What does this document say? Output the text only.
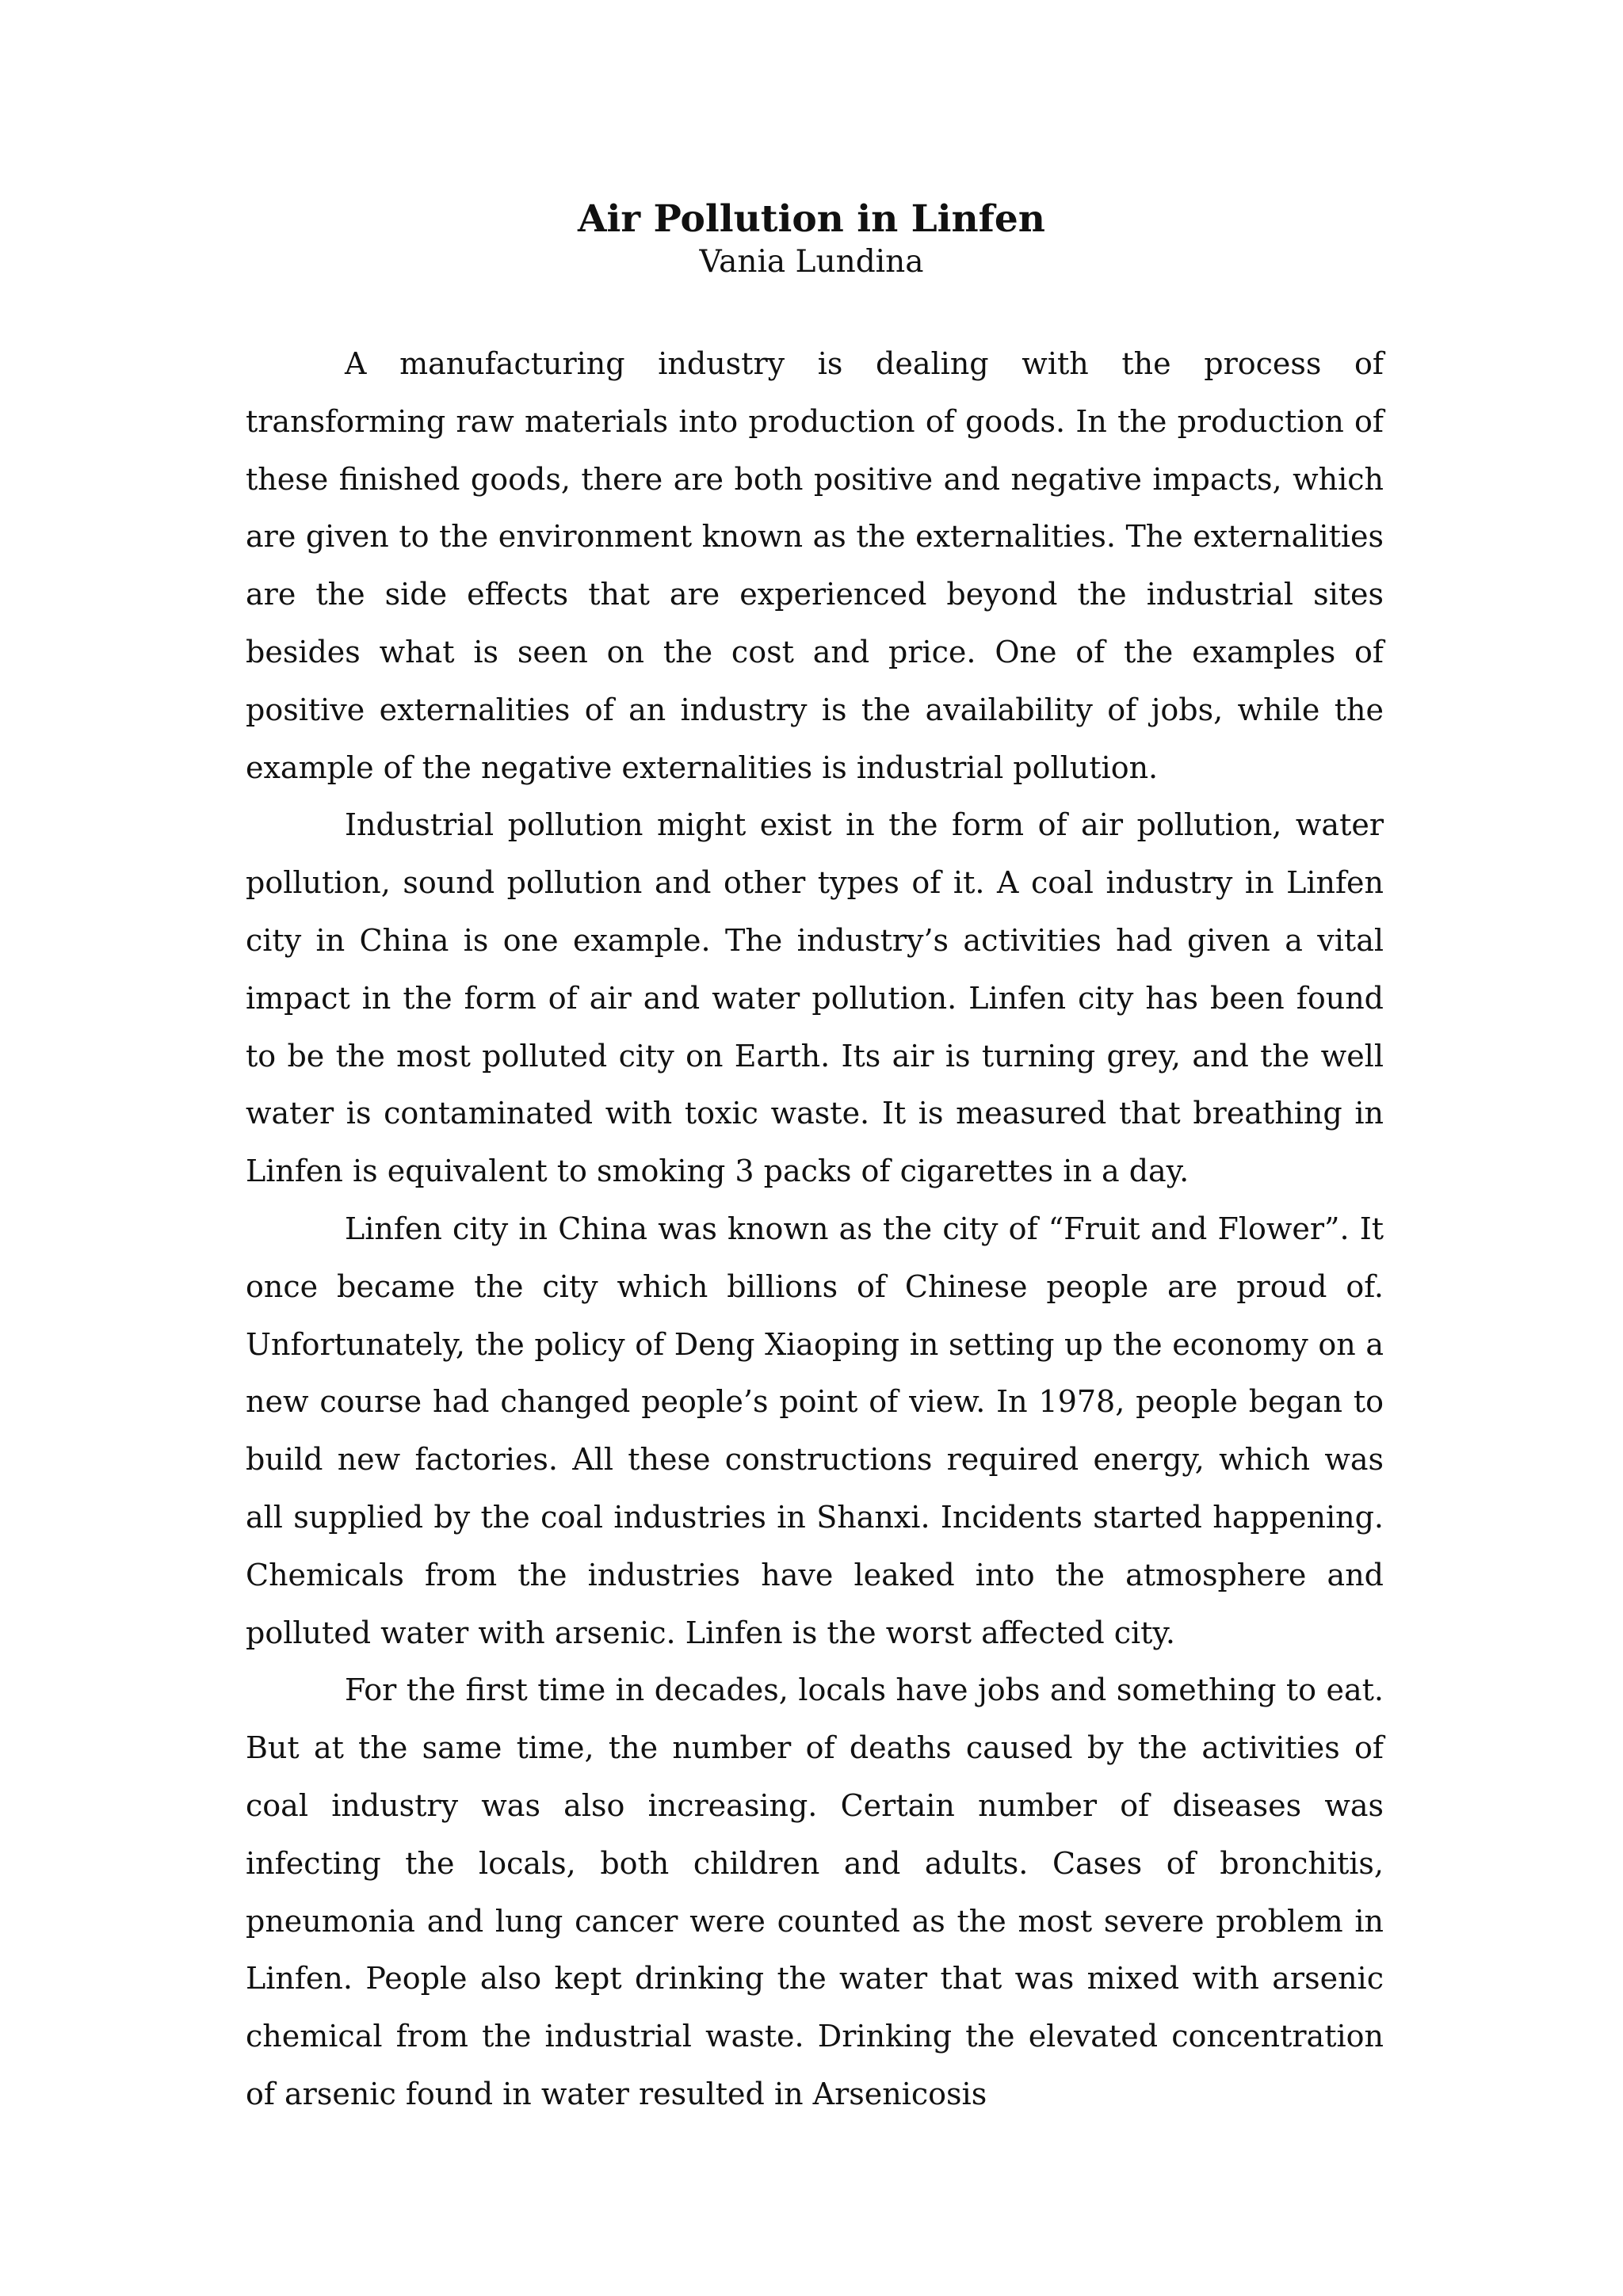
Air Pollution in Linfen

Vania Lundina

A manufacturing industry is dealing with the process of transforming raw materials into production of goods. In the production of these finished goods, there are both positive and negative impacts, which are given to the environment known as the externalities. The externalities are the side effects that are experienced beyond the industrial sites besides what is seen on the cost and price. One of the examples of positive externalities of an industry is the availability of jobs, while the example of the negative externalities is industrial pollution.

Industrial pollution might exist in the form of air pollution, water pollution, sound pollution and other types of it. A coal industry in Linfen city in China is one example. The industry’s activities had given a vital impact in the form of air and water pollution. Linfen city has been found to be the most polluted city on Earth. Its air is turning grey, and the well water is contaminated with toxic waste. It is measured that breathing in Linfen is equivalent to smoking 3 packs of cigarettes in a day.

Linfen city in China was known as the city of “Fruit and Flower”. It once became the city which billions of Chinese people are proud of. Unfortunately, the policy of Deng Xiaoping in setting up the economy on a new course had changed people’s point of view. In 1978, people began to build new factories. All these constructions required energy, which was all supplied by the coal industries in Shanxi. Incidents started happening. Chemicals from the industries have leaked into the atmosphere and polluted water with arsenic. Linfen is the worst affected city.

For the first time in decades, locals have jobs and something to eat. But at the same time, the number of deaths caused by the activities of coal industry was also increasing. Certain number of diseases was infecting the locals, both children and adults. Cases of bronchitis, pneumonia and lung cancer were counted as the most severe problem in Linfen. People also kept drinking the water that was mixed with arsenic chemical from the industrial waste. Drinking the elevated concentration of arsenic found in water resulted in Arsenicosis
